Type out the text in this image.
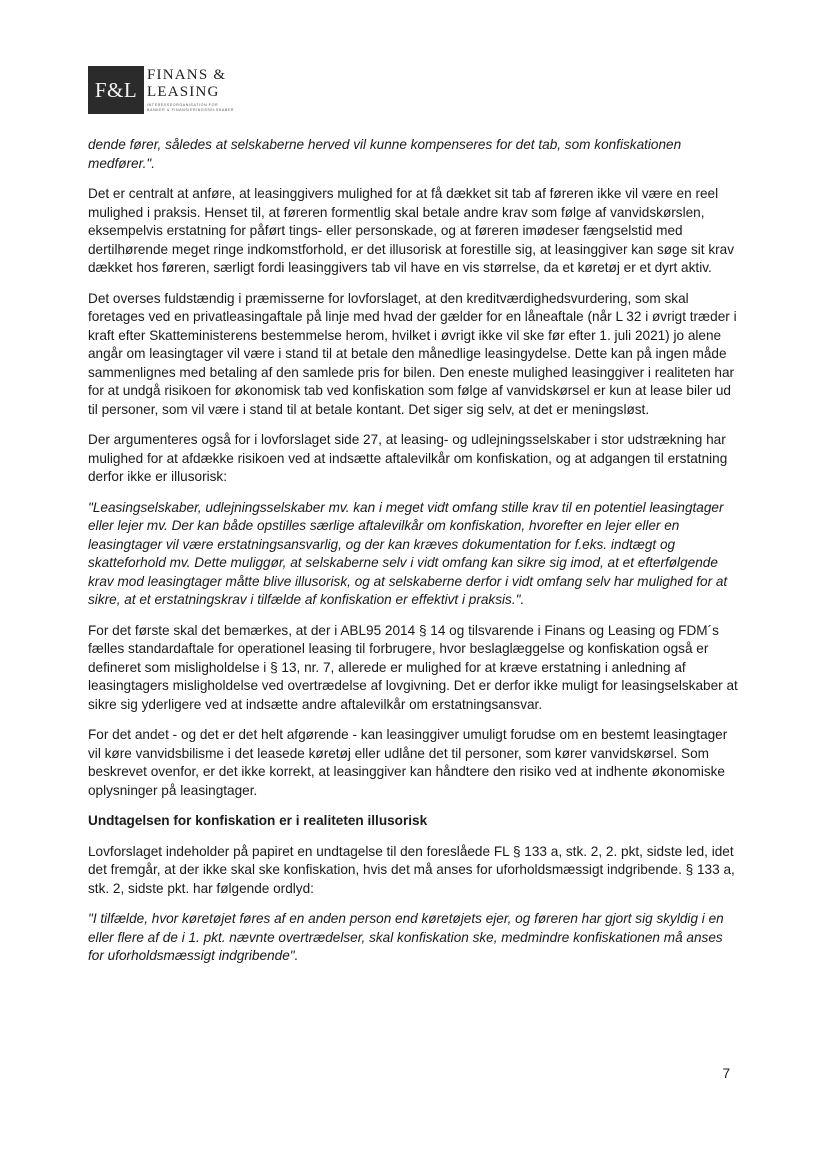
F&L
FINANS &
LEASING
INTERESSEORGANISATION FOR
BANKER & FINANSIERINGSSELSKABER

dende fører, således at selskaberne herved vil kunne kompenseres for det tab, som konfiskationen medfører.".

Det er centralt at anføre, at leasinggivers mulighed for at få dækket sit tab af føreren ikke vil være en reel mulighed i praksis. Henset til, at føreren formentlig skal betale andre krav som følge af vanvidskørslen, eksempelvis erstatning for påført tings- eller personskade, og at føreren imødeser fængselstid med dertilhørende meget ringe indkomstforhold, er det illusorisk at forestille sig, at leasinggiver kan søge sit krav dækket hos føreren, særligt fordi leasinggivers tab vil have en vis størrelse, da et køretøj er et dyrt aktiv.

Det overses fuldstændig i præmisserne for lovforslaget, at den kreditværdighedsvurdering, som skal foretages ved en privatleasingaftale på linje med hvad der gælder for en låneaftale (når L 32 i øvrigt træder i kraft efter Skatteministerens bestemmelse herom, hvilket i øvrigt ikke vil ske før efter 1. juli 2021) jo alene angår om leasingtager vil være i stand til at betale den månedlige leasingydelse. Dette kan på ingen måde sammenlignes med betaling af den samlede pris for bilen. Den eneste mulighed leasinggiver i realiteten har for at undgå risikoen for økonomisk tab ved konfiskation som følge af vanvidskørsel er kun at lease biler ud til personer, som vil være i stand til at betale kontant. Det siger sig selv, at det er meningsløst.

Der argumenteres også for i lovforslaget side 27, at leasing- og udlejningsselskaber i stor udstrækning har mulighed for at afdække risikoen ved at indsætte aftalevilkår om konfiskation, og at adgangen til erstatning derfor ikke er illusorisk:

"Leasingselskaber, udlejningsselskaber mv. kan i meget vidt omfang stille krav til en potentiel leasingtager eller lejer mv. Der kan både opstilles særlige aftalevilkår om konfiskation, hvorefter en lejer eller en leasingtager vil være erstatningsansvarlig, og der kan kræves dokumentation for f.eks. indtægt og skatteforhold mv. Dette muliggør, at selskaberne selv i vidt omfang kan sikre sig imod, at et efterfølgende krav mod leasingtager måtte blive illusorisk, og at selskaberne derfor i vidt omfang selv har mulighed for at sikre, at et erstatningskrav i tilfælde af konfiskation er effektivt i praksis.".

For det første skal det bemærkes, at der i ABL95 2014 § 14 og tilsvarende i Finans og Leasing og FDM´s fælles standardaftale for operationel leasing til forbrugere, hvor beslaglæggelse og konfiskation også er defineret som misligholdelse i § 13, nr. 7, allerede er mulighed for at kræve erstatning i anledning af leasingtagers misligholdelse ved overtrædelse af lovgivning. Det er derfor ikke muligt for leasingselskaber at sikre sig yderligere ved at indsætte andre aftalevilkår om erstatningsansvar.

For det andet - og det er det helt afgørende - kan leasinggiver umuligt forudse om en bestemt leasingtager vil køre vanvidsbilisme i det leasede køretøj eller udlåne det til personer, som kører vanvidskørsel. Som beskrevet ovenfor, er det ikke korrekt, at leasinggiver kan håndtere den risiko ved at indhente økonomiske oplysninger på leasingtager.

Undtagelsen for konfiskation er i realiteten illusorisk

Lovforslaget indeholder på papiret en undtagelse til den foreslåede FL § 133 a, stk. 2, 2. pkt, sidste led, idet det fremgår, at der ikke skal ske konfiskation, hvis det må anses for uforholdsmæssigt indgribende. § 133 a, stk. 2, sidste pkt. har følgende ordlyd:

"I tilfælde, hvor køretøjet føres af en anden person end køretøjets ejer, og føreren har gjort sig skyldig i en eller flere af de i 1. pkt. nævnte overtrædelser, skal konfiskation ske, medmindre konfiskationen må anses for uforholdsmæssigt indgribende".

7
